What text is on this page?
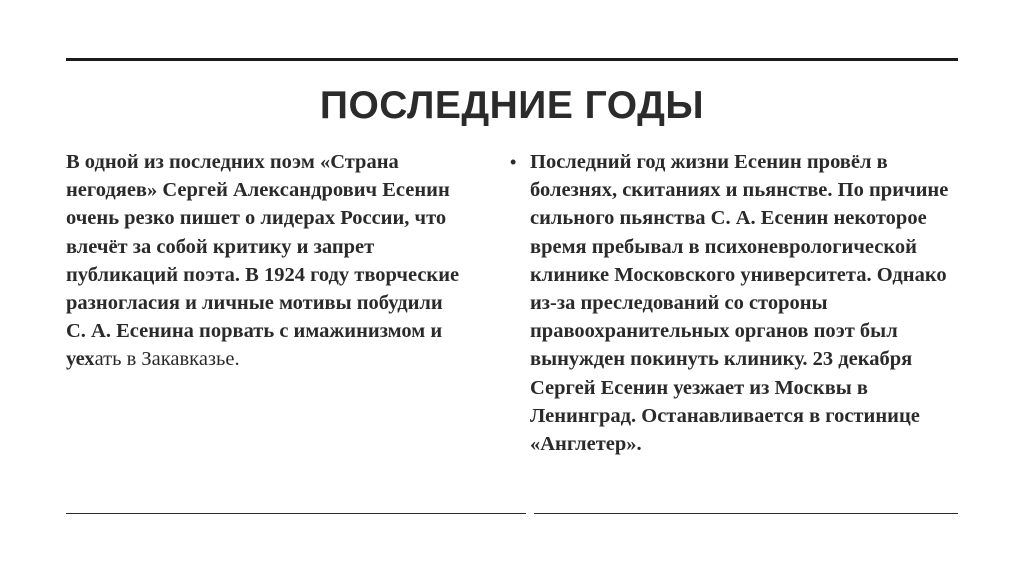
ПОСЛЕДНИЕ ГОДЫ
В одной из последних поэм «Страна негодяев» Сергей Александрович Есенин очень резко пишет о лидерах России, что влечёт за собой критику и запрет публикаций поэта. В 1924 году творческие разногласия и личные мотивы побудили С. А. Есенина порвать с имажинизмом и уехать в Закавказье.
• Последний год жизни Есенин провёл в болезнях, скитаниях и пьянстве. По причине сильного пьянства С. А. Есенин некоторое время пребывал в психоневрологической клинике Московского университета. Однако из-за преследований со стороны правоохранительных органов поэт был вынужден покинуть клинику. 23 декабря Сергей Есенин уезжает из Москвы в Ленинград. Останавливается в гостинице «Англетер».
